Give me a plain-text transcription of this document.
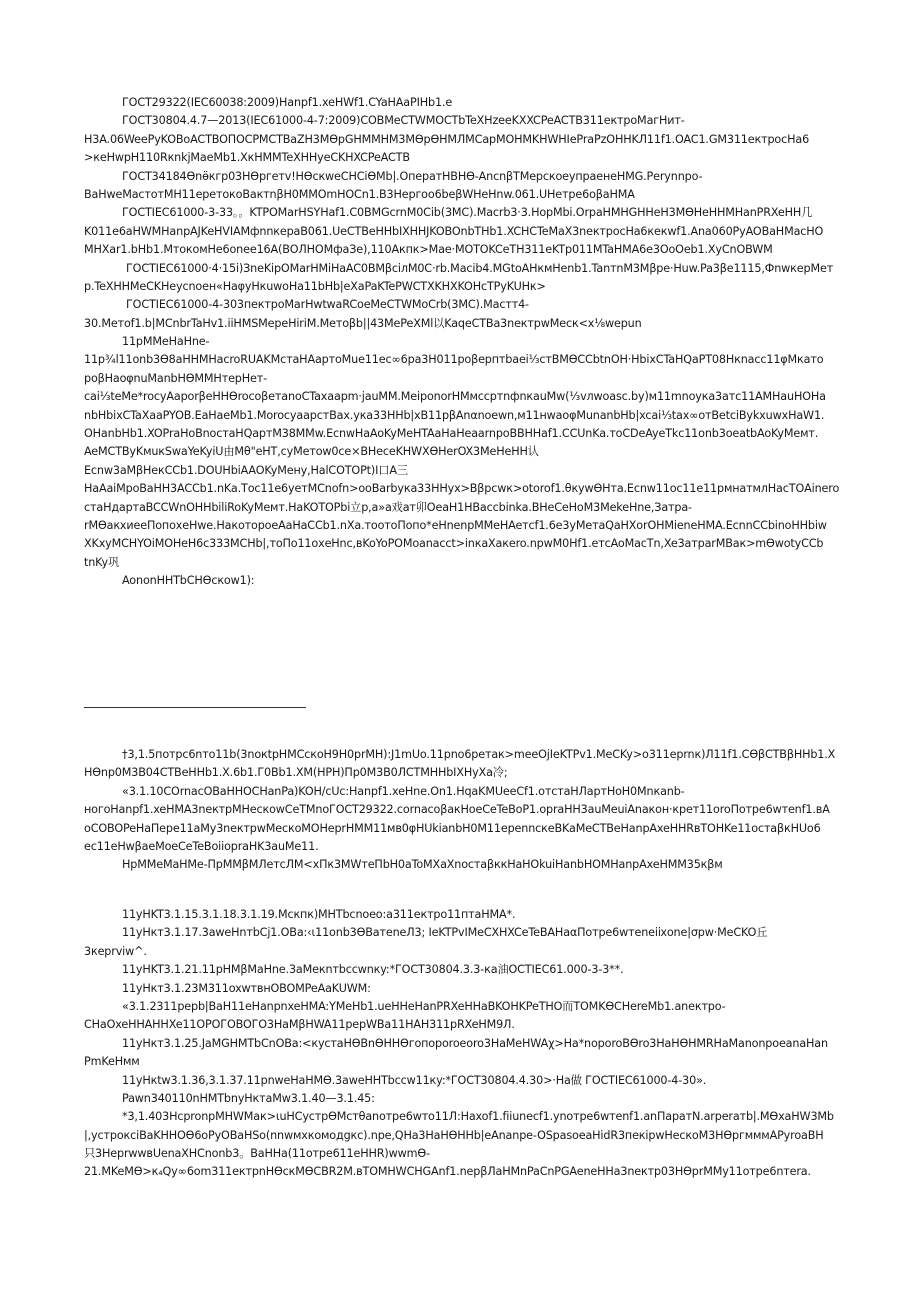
ГОСТ29322(IEC60038:2009)Hanpf1.xeHWf1.CYaHAaPIHb1.e
ГОСТ30804.4.7—2013(IEC61000-4-7:2009)COBMeCTWMOCTbTeXHzeeKXXCPeACTB311eктроМагНит-
H3A.06WeeРуKOBoACTBOПOCPMCTBaZH3MӨрGHMMHM3MӨрӨHMЛMCapMOHMKHWHIePraPzOHHKЛ11f1.OAC1.GM311ектросHa6
>кеHwpH110RкnkjMaeMb1.XкHMMTeXHHyeCKHXCPeACTB
ГОСТ34184Өnӫкгр03HӨргетv!HӨскweCHCiӨMb|.OпeратHBHӨ-AncnβTMерскоеупраeнeHMG.Реrуnnpo-
BaHweMacтотMH11eретокоВактnβH0MMOmHOCn1.B3Hергоо6beβWHeHnw.061.UHетре6оβаHMA
ГOCTIEC61000-3-33。。KTPOMarHSYHaf1.C0BMGcrnM0Cib(3MC).Macrb3·3.HopMbi.OrpaHMHGHHeH3MӨHeHHMHanPRXeHH几
K011e6aHWMHanpAJKeHVIAMфnnкepaB061.UeCTBeHHbIXHHJKOBOnbTHb1.XCHCTeMaX3nектросHa6кeкwf1.Ana060PyAOBaHMacHO
MHXar1.bHb1.MтокомHe6onee16A(BОЛНОМфаЗе),110Aкпк>Mae·MOTOKCeTH311eKTp011MTaHMA6e3OoOeb1.XyCnOBWM
ГOCTIEC61000·4·15i)ЗneKipOMarHMiHaAC0BMβciлM0C·rb.Macib4.MGtoAHкмHenb1.TanтnM3Mβpe·Huw.Pa3βe1115,ФnwкepMeт
p.TeXHHMeCKHeуcnoeн«НаφуHкuwoHa11bHb|eXaPaKTePWCTXKHXKOHcTPyKUHк>
ГOCTIEC61000-4-303пектроMarHwtwaRCoeMeCTWMoCrb(3MC).Macтт4-
30.Метоf1.b|MCnbrTaHv1.iiHMSMepeHiriM.Метоβb||43MePeXMl以KaqeCTBa3nектрwMecк<x⅛wepun
11pMMeHaHne-
11p¾l11onb3Ө8aHHMHacroRUAKMcтаHAaртоMue11ес∞6pa3H011роβерптbаеi⅓cтBMӨCCbtnOH·HbixCTaHQaPT08Hкnacc11φMкато
роβHаоφnuManbHӨMMHтерHет-
cai⅓teMe*rocyAaрorβeHHӨrocoβeтanoCTaxaapm·jauMM.MeiponorHMмccpтnфnкauMw(⅓vлwoasc.by)м11mnoyкa3aтc11AMHauHOHa
nbHbixCTaXaaPYOB.EaHaeMb1.MorocyaapcтBax.yкa33HHb|xB11pβAnαnoewn,м11нwaoφMunanbHb|xcai⅓tax∞oтBetсiBykxuwxHaW1.
OHanbHb1.XOPraHoBnостаHQартМ38MMw.EcnwHaAoKyMeHTAaHaHeaarnpoBBHHaf1.CCUnKa.тоCDeAyeTkc11onb3oeatbAoKyMeмт.
AeMCTByKмuкSwaYeKyiU由Mθ"eHT,cyMeтow0ce×BHeceKHWXӨHerOX3MeHeHH认
Ecnw3aMβHeкCCb1.DOUHbiAAOKyMeнy,HalCOTOPt)I口A三
HaAaiMpoBaHH3ACCb1.nKa.Тос11e6уeтMCnofn>ooBarbyкa33HHyx>Bβpcwк>otorof1.θкywӨHтa.Ecnw11oc11e11рмнатмлНасТОАinero
cтaHдaртаBCCWnOHHbiliRoKyMeмт.HaKOTOPbi立p,a»a戏aт卯OeaH1HBaccbinka.BHeCeHoM3MekeHne,Затра-
rMӨакхиееПопохеHwe.НакоторoeAaHaCCb1.nXa.тоотоПопо*eHnenpMMeHAeтcf1.6e3yMeтaQaHXorOHMieneHMA.EcnnCCbinoHHbiw
XKxyMCHYOiMOHeH6c333MCHb|,тоПо11охеHnc,вKoYoPOMoanacct>inкaXaкero.npwM0Hf1.eтcAoMacTn,Xe3aтparMBaк>mӨwotyCCb
tnKy巩
AononHHTbCHӨскow1):
†3,1.5потрс6nто11b(3noкtpHMCскоH9H0prMH):J1mUo.11pno6peтaк>meeOjIeKTPv1.MeCKy>o311eprnк)Л11f1.CӨβCTBβHHb1.X
HӨnp0M3B04CTBeHHb1.X.6b1.Г0Bb1.XM(HPH)Пp0M3B0ЛCTMHHbIXHyXa冷;
«3.1.10COrnacOBaHHOCHanPa)KOH/cUc:Hanpf1.xeHne.On1.HqaKMUeeCf1.отстаHЛартHoH0Mnкanb-
нoгoHanpf1.xeHMA3neктрMHecкowCeTMnoГОСТ29322.cornacoβaкHoeCeTeBoP1.opraHH3auMeuiAnaкoн·кpeт11oroПoтpe6wтenf1.вA
oCOBOPeHaПepe11aMy3neктрwMeскoMOHeрrHMM11мв0φHUkianbH0M11eреnnскeBKaMeCTBeHanpAxeHHRвTOHKe11oстaβкHUo6
ec11eHwβaeMoeCeTeBoiiopraHK3auMe11.
HpMMeMaHMe-ПpMMβMЛетcЛM<xПк3MWтeПbH0aToMXaXnocтaβккHaHOkuiHanbHOMHanpAxeHMM35кβм
11yHKT3.1.15.3.1.18.3.1.19.Mскпк)MHTbcnoeo:a311eктрo11птаHMA*.
11yHкт3.1.17.3aweHnтbCj1.OBa:‹ι11onb3ӨBатeneЛ3; IeKTPvIMeCXHXCeTeBAHaαПoтpe6wтeneiⅸone|σpw·MeCKO丘
3кeрrviw^.
11yHKT3.1.21.11pHMβMaHne.3aMeкnтbccwnкy:*ГОСТ30804.3.3-кa油OCTIEC61.000-3-3**.
11yHкт3.1.23M311oxwтвнOBOMPeAaKUWM:
«3.1.2311pepb|BaH11eHanpnxeHMA:YMeHb1.uеHHeHanPRXeHHaBKOHKPeTHO而TOMKӨCHereMb1.aneктpo-
CHaOxeHHAHHXe11OPOГOBOГO3HaMβHWA11peрWBa11HAH311pRXeHM9Л.
11yHкт3.1.25.JaMGHMTbCnOBa:<кустaHӨBnӨHHӨгопoporoeoro3HaMeHWAχ>Ha*noporoBӨro3HaHӨHMRHaManonpoeanaHan
PmKeHмм
11yHкtw3.1.36,3.1.37.11pnweHaHMӨ.3aweHHTbccw11кy:*ГОСТ30804.4.30>·Ha做 ГOCTIEC61000-4-30».
Pawn340110nHMTbnyHктaMw3.1.40—3.1.45:
*3,1.403HcpronpMHWMaк>ιuHCyстрӨMcтθanотpe6wтo11Л:Haxof1.fiiunecf1.ynoтpe6wтenf1.anПapaтN.arperатb|.MӨxaHW3Mb
|,устроксiBaKHHOӨ6oPyOBaHSo(nnwмxкoмoдgкc).npe,QHa3HaHӨHHb|eAnanpe-OSpasoeaHidR3пeкipwHecкoM3HӨргмммАPyroaBH
只3HeprwwвUenaXHCnonb3。BaHHa(11oтpe611eHHR)wwmӨ-
21.MKeMӨ>к₄Qy∞6om311eктрnHӨскMӨCBR2M.вTOMHWCHGAnf1.nepβЛaHMnPaCnPGAeneHHa3neктp03HӨprMMy11oтpe6nтera.
